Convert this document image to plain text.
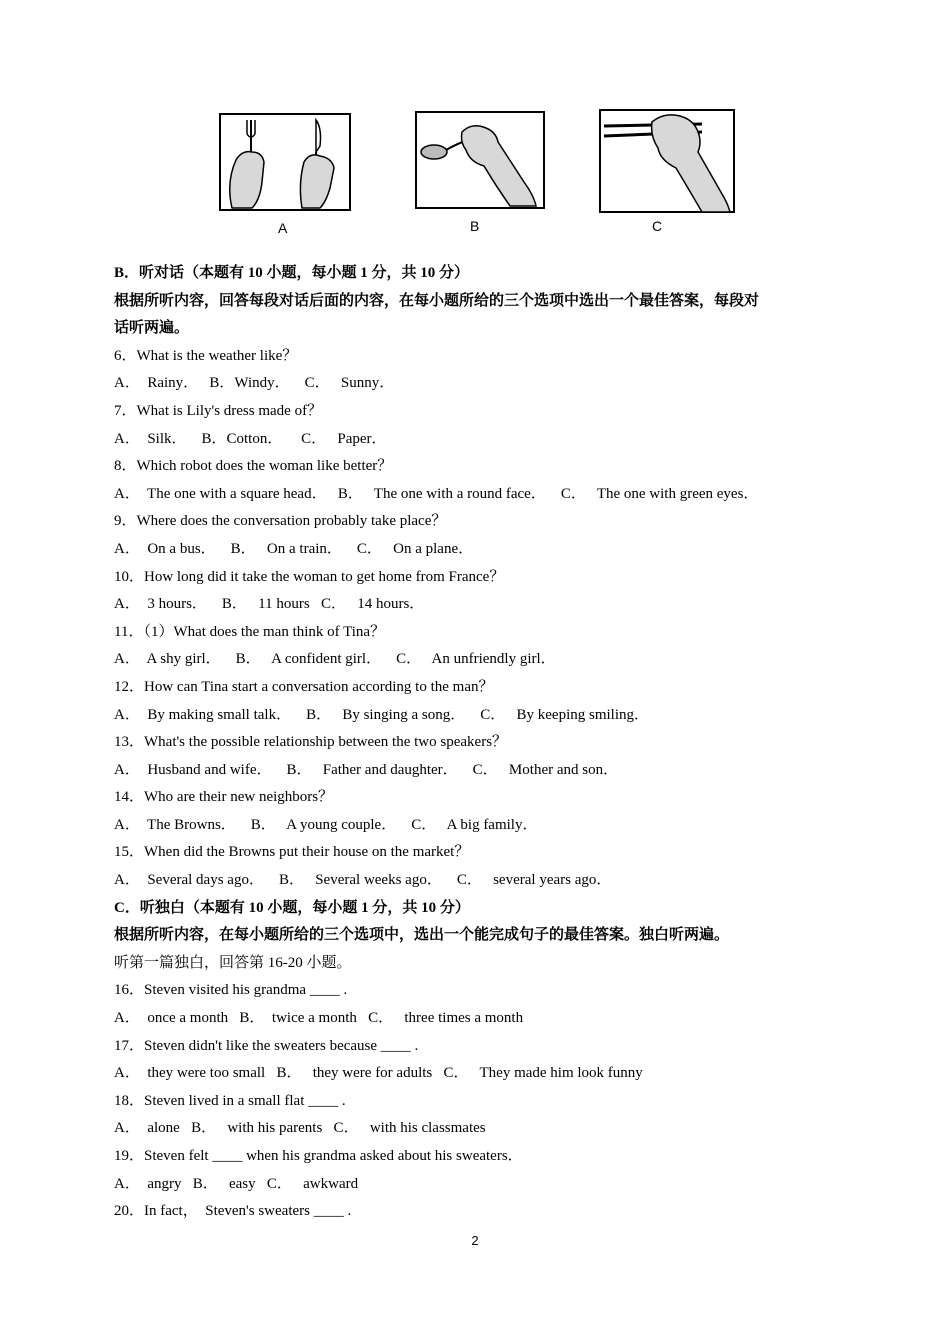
A	B	C
B．听对话（本题有 10 小题，每小题 1 分，共 10 分）
根据所听内容，回答每段对话后面的内容，在每小题所给的三个选项中选出一个最佳答案，每段对
话听两遍。
6．What is the weather like？
A．  Rainy．   B．Windy．    C．   Sunny．
7．What is Lily's dress made of？
A．  Silk．    B．Cotton．     C．   Paper．
8．Which robot does the woman like better？
A．  The one with a square head．   B．   The one with a round face．    C．   The one with green eyes．
9．Where does the conversation probably take place？
A．  On a bus．    B．   On a train．    C．   On a plane．
10．How long did it take the woman to get home from France？
A．  3 hours．    B．   11 hours   C．   14 hours．
11．（1）What does the man think of Tina？
A．  A shy girl．    B．   A confident girl．    C．   An unfriendly girl．
12．How can Tina start a conversation according to the man？
A．  By making small talk．    B．   By singing a song．    C．   By keeping smiling．
13．What's the possible relationship between the two speakers？
A．  Husband and wife．    B．   Father and daughter．    C．   Mother and son．
14．Who are their new neighbors？
A．  The Browns．    B．   A young couple．    C．   A big family．
15．When did the Browns put their house on the market？
A．  Several days ago．    B．   Several weeks ago．    C．   several years ago．
C．听独白（本题有 10 小题，每小题 1 分，共 10 分）
根据所听内容，在每小题所给的三个选项中，选出一个能完成句子的最佳答案。独白听两遍。
听第一篇独白，回答第 16-20 小题。
16．Steven visited his grandma ____ .
A．  once a month   B．  twice a month   C．   three times a month
17．Steven didn't like the sweaters because ____ .
A．  they were too small   B．   they were for adults   C．   They made him look funny
18．Steven lived in a small flat ____ .
A．  alone   B．   with his parents   C．   with his classmates
19．Steven felt ____ when his grandma asked about his sweaters．
A．  angry   B．   easy   C．   awkward
20．In fact，  Steven's sweaters ____ .
2
